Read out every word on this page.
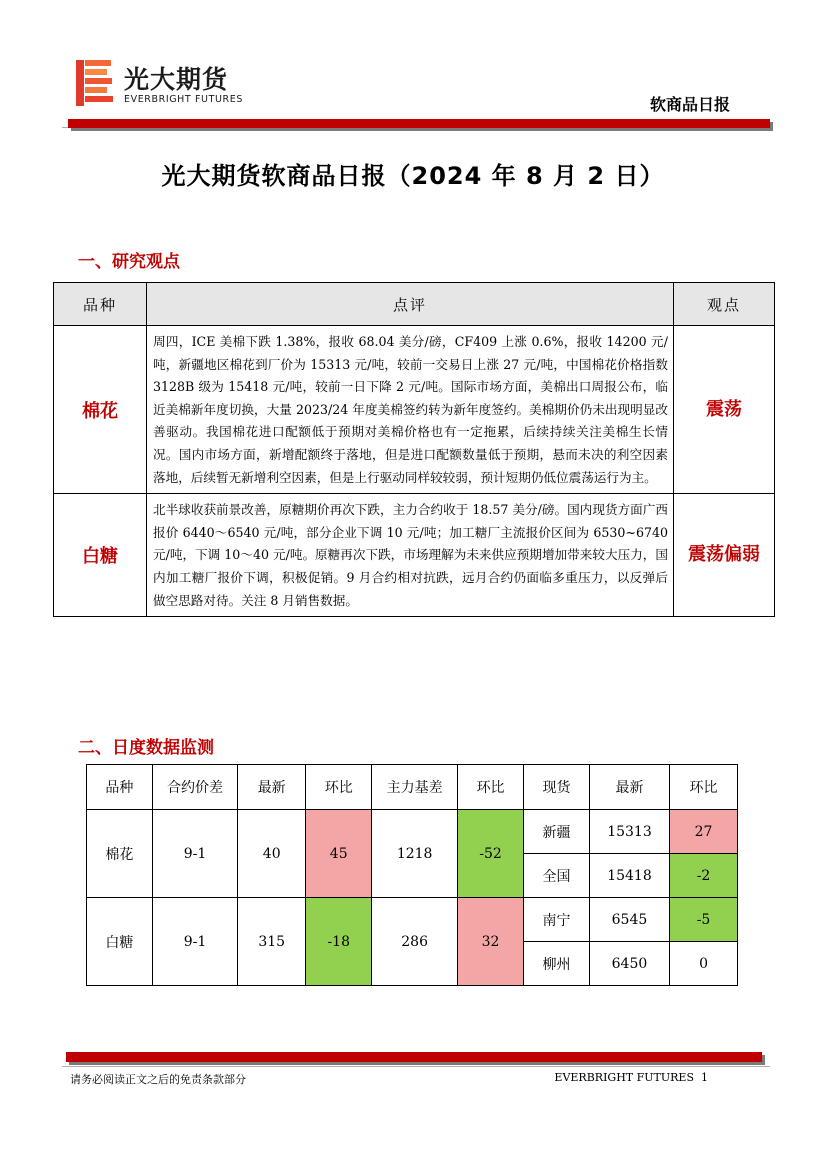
光大期货
EVERBRIGHT FUTURES	软商品日报
光大期货软商品日报（2024 年 8 月 2 日）
一、研究观点
品种	点评	观点
棉花	周四，ICE 美棉下跌 1.38%，报收 68.04 美分/磅，CF409 上涨 0.6%，报收 14200 元/吨，新疆地区棉花到厂价为 15313 元/吨，较前一交易日上涨 27 元/吨，中国棉花价格指数 3128B 级为 15418 元/吨，较前一日下降 2 元/吨。国际市场方面，美棉出口周报公布，临近美棉新年度切换，大量 2023/24 年度美棉签约转为新年度签约。美棉期价仍未出现明显改善驱动。我国棉花进口配额低于预期对美棉价格也有一定拖累，后续持续关注美棉生长情况。国内市场方面，新增配额终于落地，但是进口配额数量低于预期，悬而未决的利空因素落地，后续暂无新增利空因素，但是上行驱动同样较较弱，预计短期仍低位震荡运行为主。	震荡
白糖	北半球收获前景改善，原糖期价再次下跌，主力合约收于 18.57 美分/磅。国内现货方面广西报价 6440～6540 元/吨，部分企业下调 10 元/吨；加工糖厂主流报价区间为 6530~6740 元/吨，下调 10～40 元/吨。原糖再次下跌，市场理解为未来供应预期增加带来较大压力，国内加工糖厂报价下调，积极促销。9 月合约相对抗跌，远月合约仍面临多重压力，以反弹后做空思路对待。关注 8 月销售数据。	震荡偏弱
二、日度数据监测
品种	合约价差	最新	环比	主力基差	环比	现货	最新	环比
棉花	9-1	40	45	1218	-52	新疆	15313	27
						全国	15418	-2
白糖	9-1	315	-18	286	32	南宁	6545	-5
						柳州	6450	0
请务必阅读正文之后的免责条款部分	EVERBRIGHT FUTURES 1
